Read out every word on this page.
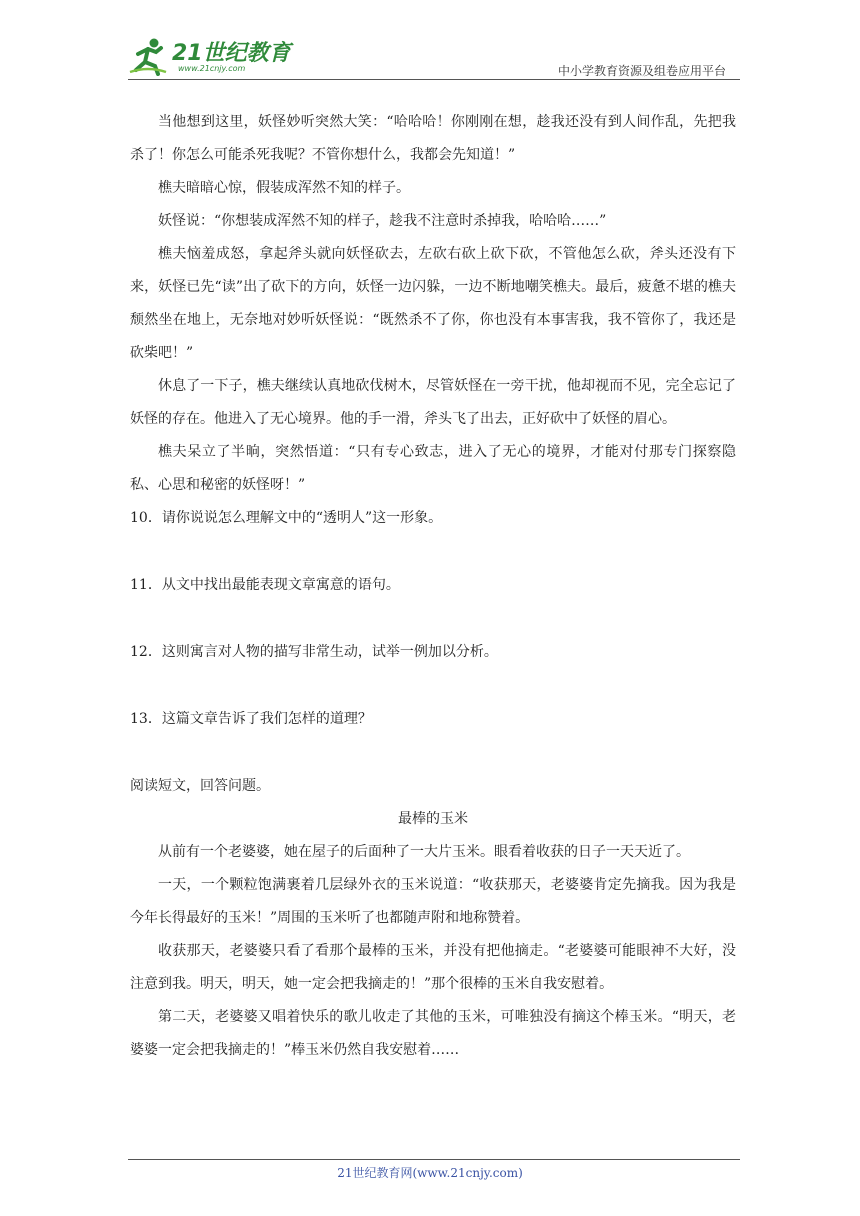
21世纪教育
www.21cnjy.com	中小学教育资源及组卷应用平台

当他想到这里，妖怪妙听突然大笑：“哈哈哈！你刚刚在想，趁我还没有到人间作乱，先把我杀了！你怎么可能杀死我呢？不管你想什么，我都会先知道！”

樵夫暗暗心惊，假装成浑然不知的样子。

妖怪说：“你想装成浑然不知的样子，趁我不注意时杀掉我，哈哈哈……”

樵夫恼羞成怒，拿起斧头就向妖怪砍去，左砍右砍上砍下砍，不管他怎么砍，斧头还没有下来，妖怪已先“读”出了砍下的方向，妖怪一边闪躲，一边不断地嘲笑樵夫。最后，疲惫不堪的樵夫颓然坐在地上，无奈地对妙听妖怪说：“既然杀不了你，你也没有本事害我，我不管你了，我还是砍柴吧！”

休息了一下子，樵夫继续认真地砍伐树木，尽管妖怪在一旁干扰，他却视而不见，完全忘记了妖怪的存在。他进入了无心境界。他的手一滑，斧头飞了出去，正好砍中了妖怪的眉心。

樵夫呆立了半晌，突然悟道：“只有专心致志，进入了无心的境界，才能对付那专门探察隐私、心思和秘密的妖怪呀！”

10．请你说说怎么理解文中的“透明人”这一形象。

11．从文中找出最能表现文章寓意的语句。

12．这则寓言对人物的描写非常生动，试举一例加以分析。

13．这篇文章告诉了我们怎样的道理？

阅读短文，回答问题。

最棒的玉米

从前有一个老婆婆，她在屋子的后面种了一大片玉米。眼看着收获的日子一天天近了。

一天，一个颗粒饱满裹着几层绿外衣的玉米说道：“收获那天，老婆婆肯定先摘我。因为我是今年长得最好的玉米！”周围的玉米听了也都随声附和地称赞着。

收获那天，老婆婆只看了看那个最棒的玉米，并没有把他摘走。“老婆婆可能眼神不大好，没注意到我。明天，明天，她一定会把我摘走的！”那个很棒的玉米自我安慰着。

第二天，老婆婆又唱着快乐的歌儿收走了其他的玉米，可唯独没有摘这个棒玉米。“明天，老婆婆一定会把我摘走的！”棒玉米仍然自我安慰着……

21世纪教育网(www.21cnjy.com)
